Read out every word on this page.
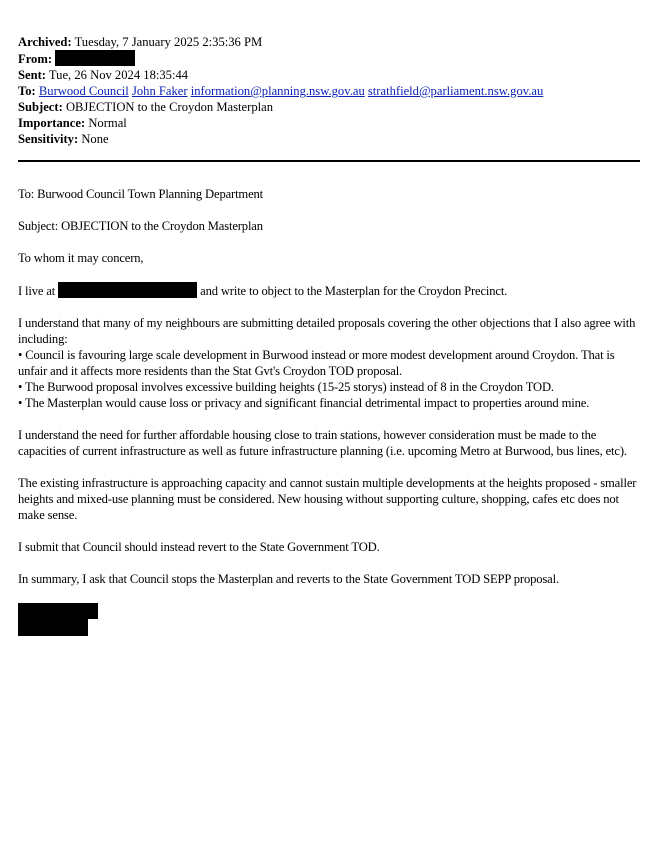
Archived: Tuesday, 7 January 2025 2:35:36 PM
From:
Sent: Tue, 26 Nov 2024 18:35:44
To: Burwood Council John Faker information@planning.nsw.gov.au strathfield@parliament.nsw.gov.au
Subject: OBJECTION to the Croydon Masterplan
Importance: Normal
Sensitivity: None

To: Burwood Council Town Planning Department

Subject: OBJECTION to the Croydon Masterplan

To whom it may concern,

I live at	and write to object to the Masterplan for the Croydon Precinct.

I understand that many of my neighbours are submitting detailed proposals covering the other objections that I also agree with including:
• Council is favouring large scale development in Burwood instead or more modest development around Croydon. That is unfair and it affects more residents than the Stat Gvt's Croydon TOD proposal.
• The Burwood proposal involves excessive building heights (15-25 storys) instead of 8 in the Croydon TOD.
• The Masterplan would cause loss or privacy and significant financial detrimental impact to properties around mine.

I understand the need for further affordable housing close to train stations, however consideration must be made to the capacities of current infrastructure as well as future infrastructure planning (i.e. upcoming Metro at Burwood, bus lines, etc).

The existing infrastructure is approaching capacity and cannot sustain multiple developments at the heights proposed - smaller heights and mixed-use planning must be considered. New housing without supporting culture, shopping, cafes etc does not make sense.

I submit that Council should instead revert to the State Government TOD.

In summary, I ask that Council stops the Masterplan and reverts to the State Government TOD SEPP proposal.
